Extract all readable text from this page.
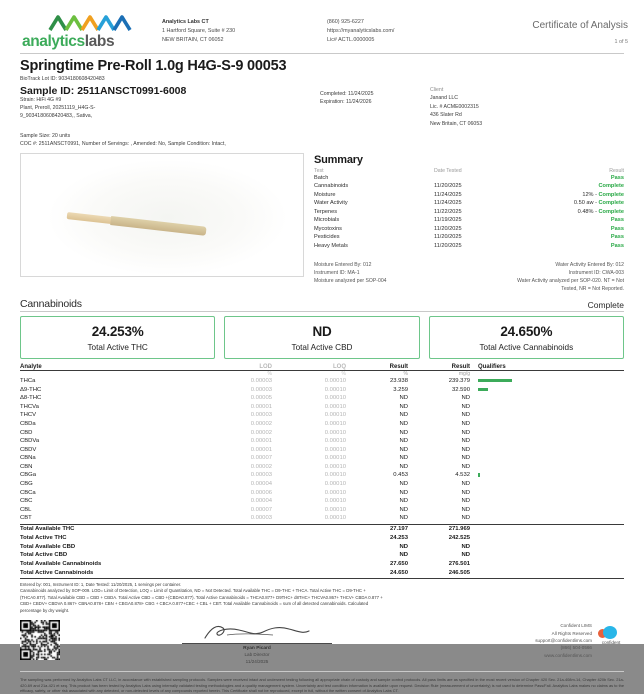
analyticslabs
Analytics Labs CT
1 Hartford Square, Suite # 230
NEW BRITAIN, CT 06052
(860) 925-6227
https://myanalyticslabs.com/
Lic# ACTL.0000005
Certificate of Analysis
1 of 5
Springtime Pre-Roll 1.0g H4G-S-9 00053
BioTrack Lot ID: 9034180608420483
Sample ID: 2511ANSCT0991-6008
Strain: HiFi 4G #9
Plant, Preroll, 20251119_H4G-S-
9_9034180608420483,, Sativa,
Completed: 11/24/2025
Expiration: 11/24/2026
Client
Janand LLC
Lic. # ACME0002315
436 Slater Rd
New Britain, CT 06053
Sample Size: 20 units
COC #: 2511ANSCT0991, Number of Servings: , Amended: No, Sample Condition: Intact,
Summary
Test	Date Tested	Result
Batch	Pass
Cannabinoids	11/20/2025	Complete
Moisture	11/24/2025	12% - Complete
Water Activity	11/24/2025	0.50 aw - Complete
Terpenes	11/22/2025	0.48% - Complete
Microbials	11/19/2025	Pass
Mycotoxins	11/20/2025	Pass
Pesticides	11/20/2025	Pass
Heavy Metals	11/20/2025	Pass
Moisture Entered By: 012
Instrument ID: MA-1
Moisture analyzed per SOP-004
Water Activity Entered By: 012
Instrument ID: CWA-003
Water Activity analyzed per SOP-020. NT = Not
Tested, NR = Not Reported.
Cannabinoids	Complete
24.253%
Total Active THC
ND
Total Active CBD
24.650%
Total Active Cannabinoids
Analyte	LOD	LOQ	Result	Result	Qualifiers
%	%	%	mg/g
THCa	0.00003	0.00010	23.938	239.379
Δ9-THC	0.00003	0.00010	3.259	32.590
Δ8-THC	0.00005	0.00010	ND	ND
THCVa	0.00001	0.00010	ND	ND
THCV	0.00003	0.00010	ND	ND
CBDa	0.00002	0.00010	ND	ND
CBD	0.00002	0.00010	ND	ND
CBDVa	0.00001	0.00010	ND	ND
CBDV	0.00001	0.00010	ND	ND
CBNa	0.00007	0.00010	ND	ND
CBN	0.00002	0.00010	ND	ND
CBGa	0.00003	0.00010	0.453	4.532
CBG	0.00004	0.00010	ND	ND
CBCa	0.00006	0.00010	ND	ND
CBC	0.00004	0.00010	ND	ND
CBL	0.00007	0.00010	ND	ND
CBT	0.00003	0.00010	ND	ND
Total Available THC	27.197	271.969
Total Active THC	24.253	242.525
Total Available CBD	ND	ND
Total Active CBD	ND	ND
Total Available Cannabinoids	27.650	276.501
Total Active Cannabinoids	24.650	246.505
Entered by: 001, Instrument ID: 1, Date Tested: 11/20/2025, 1 servings per container.
Cannabinoids analyzed by SOP-009. LOD= Limit of Detection, LOQ = Limit of Quantitation, ND = Not Detected. Total Available THC = D9-THC + THCA. Total Active THC = D9-THC +
(THCA0.877). Total Available CBD = CBD + CBDA. Total Active CBD = CBD +(CBDA0.877). Total Active Cannabinoids = THCA0.877+ D9THC+ d8THC+ THCVA0.867+ THCV+ CBDA 0.877 +
CBD+ CBDV+ CBDVA 0.867+ CBNA0.878+ CBN + CBGA0.878+ CBG + CBCA 0.877+CBC + CBL + CBT. Total Available Cannabinoids = sum of all detected cannabinoids. Calculated
percentage by dry weight.
Ryan Picard
Lab Director
11/24/2025
Confident LIMS
All Rights Reserved
support@confidentlims.com
(866) 504-0566
www.confidentlims.com
confident
The sampling was performed by Analytics Labs CT LLC, in accordance with established sampling protocols. Samples were received intact and underwent testing following all appropriate chain of custody and sample control protocols. All pass limits are as specified in the most recent version of Chapter 420 Sec. 21a-408m-14, Chapter 420b Sec. 21a-420-69 and 21a-421 et seq. This product has been tested by Analytics Labs using internally validated testing methodologies and a quality management system. Uncertainty and test condition information is available upon request. Decision Rule (measurement of uncertainty) is not used to determine Pass/Fail. Analytics Labs makes no claims as to the efficacy, safety, or other risk associated with any detected, or non-detected levels of any compounds reported herein. This Certificate shall not be reproduced, except in full, without the written consent of Analytics Labs CT.
